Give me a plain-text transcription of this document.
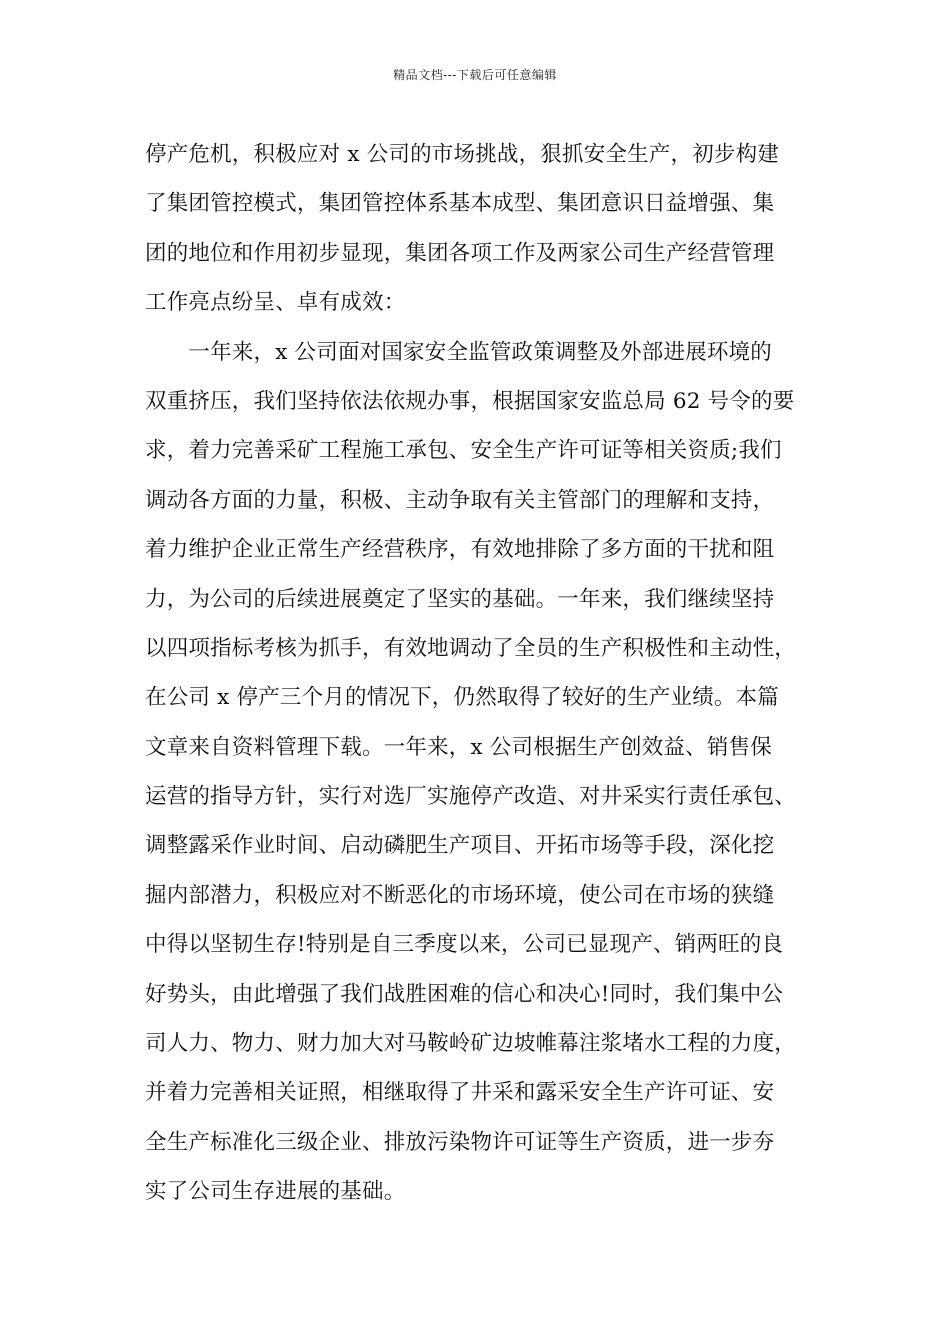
精品文档---下载后可任意编辑
停产危机，积极应对 x 公司的市场挑战，狠抓安全生产，初步构建
了集团管控模式，集团管控体系基本成型、集团意识日益增强、集
团的地位和作用初步显现，集团各项工作及两家公司生产经营管理
工作亮点纷呈、卓有成效：
　　一年来，x 公司面对国家安全监管政策调整及外部进展环境的
双重挤压，我们坚持依法依规办事，根据国家安监总局 62 号令的要
求，着力完善采矿工程施工承包、安全生产许可证等相关资质;我们
调动各方面的力量，积极、主动争取有关主管部门的理解和支持，
着力维护企业正常生产经营秩序，有效地排除了多方面的干扰和阻
力，为公司的后续进展奠定了坚实的基础。一年来，我们继续坚持
以四项指标考核为抓手，有效地调动了全员的生产积极性和主动性，
在公司 x 停产三个月的情况下，仍然取得了较好的生产业绩。本篇
文章来自资料管理下载。一年来，x 公司根据生产创效益、销售保
运营的指导方针，实行对选厂实施停产改造、对井采实行责任承包、
调整露采作业时间、启动磷肥生产项目、开拓市场等手段，深化挖
掘内部潜力，积极应对不断恶化的市场环境，使公司在市场的狭缝
中得以坚韧生存!特别是自三季度以来，公司已显现产、销两旺的良
好势头，由此增强了我们战胜困难的信心和决心!同时，我们集中公
司人力、物力、财力加大对马鞍岭矿边坡帷幕注浆堵水工程的力度，
并着力完善相关证照，相继取得了井采和露采安全生产许可证、安
全生产标准化三级企业、排放污染物许可证等生产资质，进一步夯
实了公司生存进展的基础。
